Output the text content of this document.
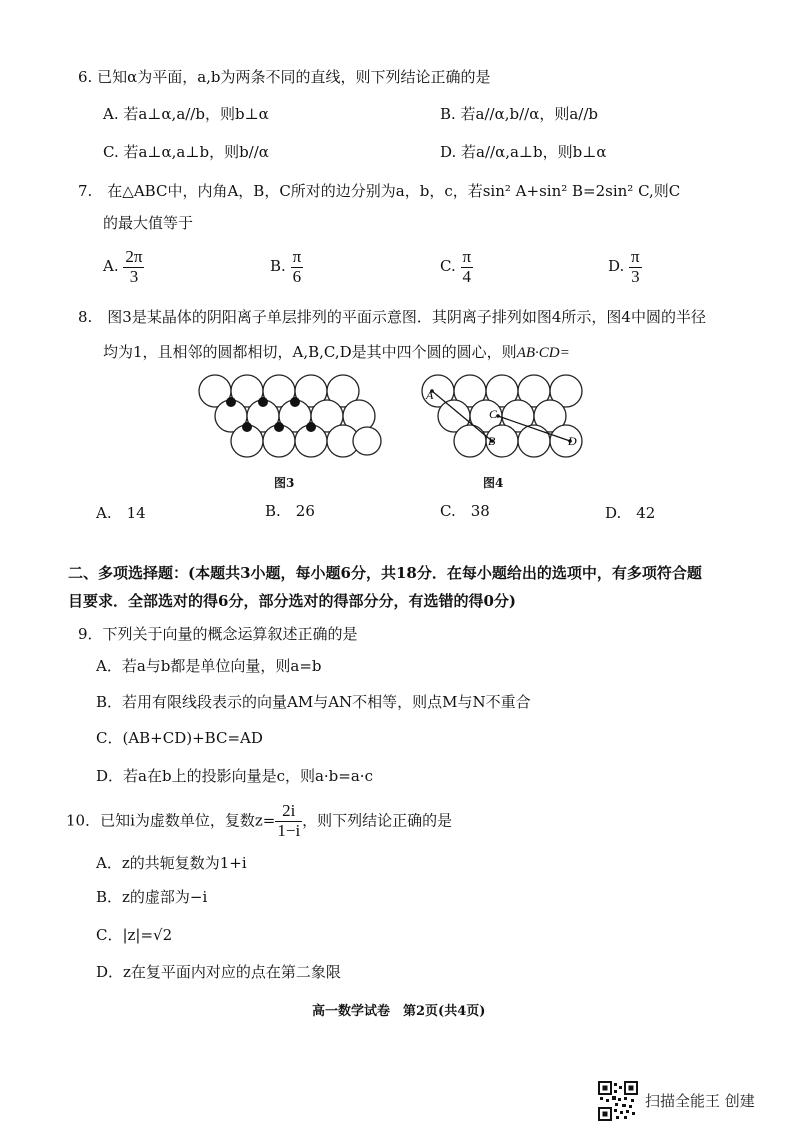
6. 已知α为平面，a,b为两条不同的直线，则下列结论正确的是
A. 若a⊥α,a//b，则b⊥α	B. 若a//α,b//α，则a//b
C. 若a⊥α,a⊥b，则b//α	D. 若a//α,a⊥b，则b⊥α
7.　在△ABC中，内角A，B，C所对的边分别为a，b，c，若sin² A+sin² B=2sin² C,则C
的最大值等于
A. $\frac{2\pi}{3}$	B. $\frac{\pi}{6}$	C. $\frac{\pi}{4}$	D. $\frac{\pi}{3}$
8.　图3是某晶体的阴阳离子单层排列的平面示意图．其阴离子排列如图4所示，图4中圆的半径
均为1，且相邻的圆都相切，A,B,C,D是其中四个圆的圆心，则AB·CD=
图3
A
B
C
D
图4
A.　14	B.　26	C.　38	D.　42
二、多项选择题：(本题共3小题，每小题6分，共18分．在每小题给出的选项中，有多项符合题
目要求．全部选对的得6分，部分选对的得部分分，有选错的得0分)
9．下列关于向量的概念运算叙述正确的是
A．若a与b都是单位向量，则a=b
B．若用有限线段表示的向量AM与AN不相等，则点M与N不重合
C．(AB+CD)+BC=AD
D．若a在b上的投影向量是c，则a·b=a·c
10．已知i为虚数单位，复数$z= \frac{2i}{1-i}$ ，则下列结论正确的是
A．z的共轭复数为1+i
B．z的虚部为−i
C．|z|=√2
D．z在复平面内对应的点在第二象限
高一数学试卷　第2页(共4页)
扫描全能王 创建
